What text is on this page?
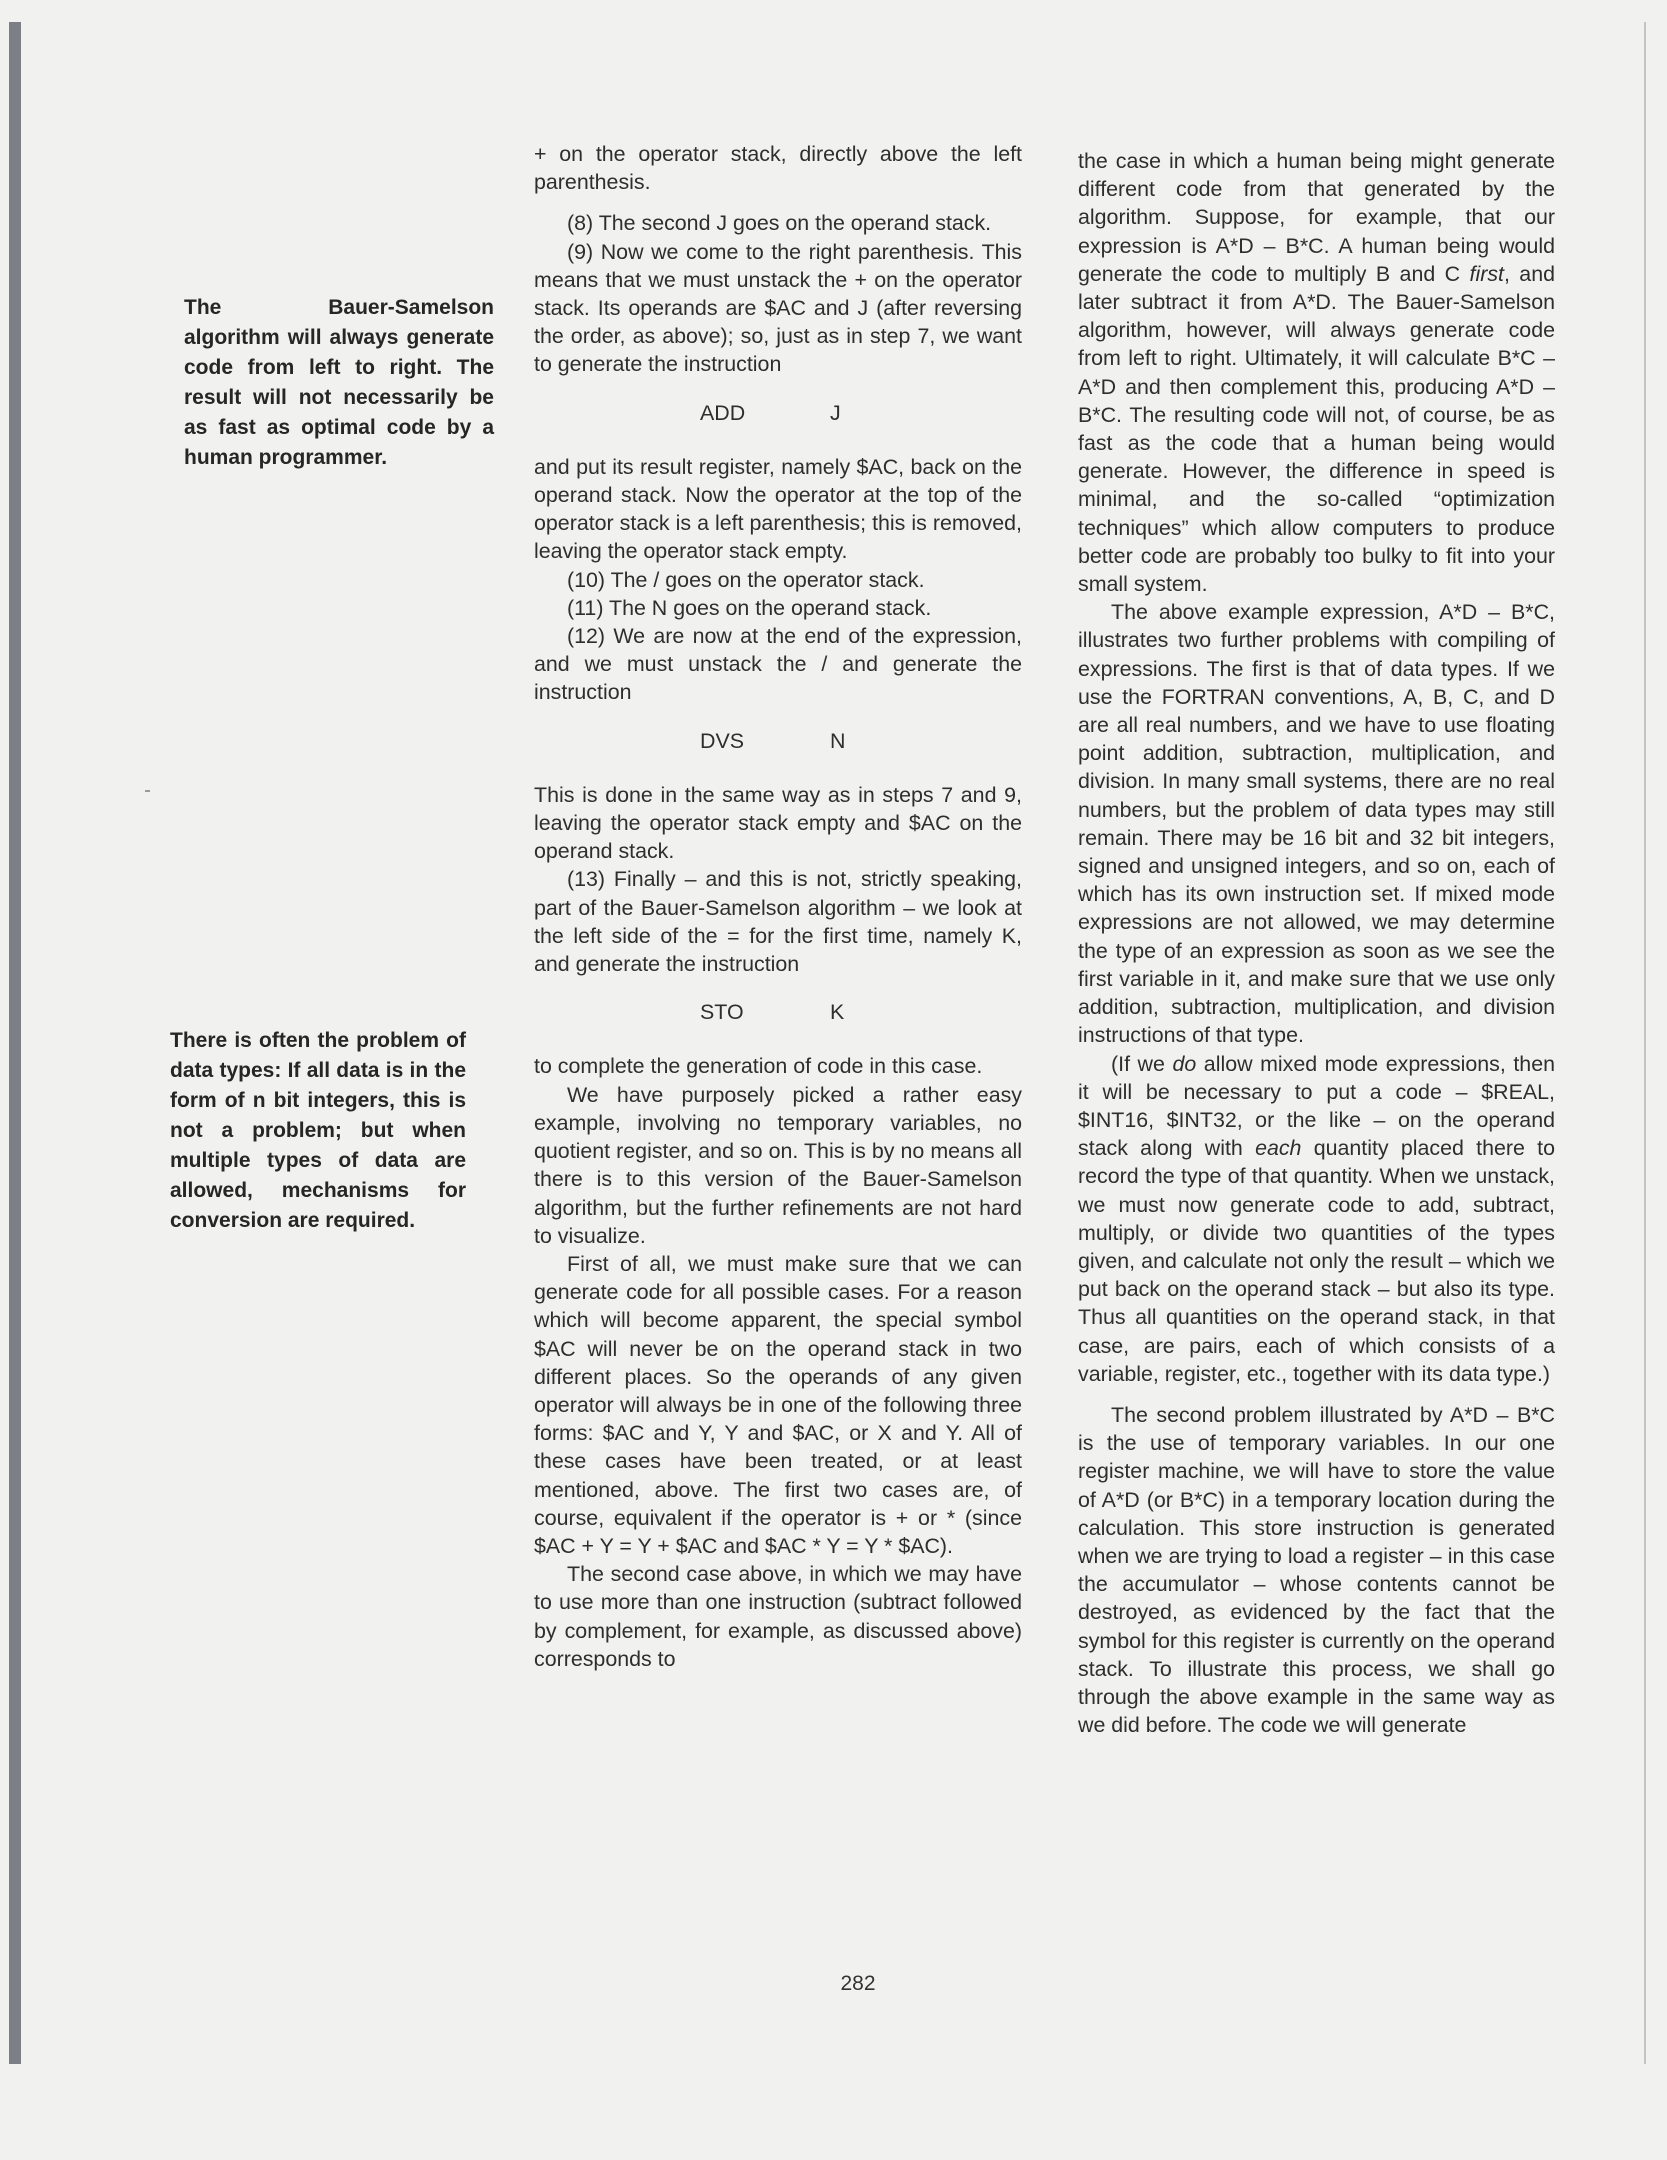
The Bauer-Samelson algorithm will always generate code from left to right. The result will not necessarily be as fast as optimal code by a human programmer.

There is often the problem of data types: If all data is in the form of n bit integers, this is not a problem; but when multiple types of data are allowed, mechanisms for conversion are required.

+ on the operator stack, directly above the left parenthesis.

(8) The second J goes on the operand stack.

(9) Now we come to the right parenthesis. This means that we must unstack the + on the operator stack. Its operands are $AC and J (after reversing the order, as above); so, just as in step 7, we want to generate the instruction

ADD	J

and put its result register, namely $AC, back on the operand stack. Now the operator at the top of the operator stack is a left parenthesis; this is removed, leaving the operator stack empty.

(10) The / goes on the operator stack.

(11) The N goes on the operand stack.

(12) We are now at the end of the expression, and we must unstack the / and generate the instruction

DVS	N

This is done in the same way as in steps 7 and 9, leaving the operator stack empty and $AC on the operand stack.

(13) Finally – and this is not, strictly speaking, part of the Bauer-Samelson algorithm – we look at the left side of the = for the first time, namely K, and generate the instruction

STO	K

to complete the generation of code in this case.

We have purposely picked a rather easy example, involving no temporary variables, no quotient register, and so on. This is by no means all there is to this version of the Bauer-Samelson algorithm, but the further refinements are not hard to visualize.

First of all, we must make sure that we can generate code for all possible cases. For a reason which will become apparent, the special symbol $AC will never be on the operand stack in two different places. So the operands of any given operator will always be in one of the following three forms: $AC and Y, Y and $AC, or X and Y. All of these cases have been treated, or at least mentioned, above. The first two cases are, of course, equivalent if the operator is + or * (since $AC + Y = Y + $AC and $AC * Y = Y * $AC).

The second case above, in which we may have to use more than one instruction (subtract followed by complement, for example, as discussed above) corresponds to

the case in which a human being might generate different code from that generated by the algorithm. Suppose, for example, that our expression is A*D – B*C. A human being would generate the code to multiply B and C first, and later subtract it from A*D. The Bauer-Samelson algorithm, however, will always generate code from left to right. Ultimately, it will calculate B*C – A*D and then complement this, producing A*D – B*C. The resulting code will not, of course, be as fast as the code that a human being would generate. However, the difference in speed is minimal, and the so-called “optimization techniques” which allow computers to produce better code are probably too bulky to fit into your small system.

The above example expression, A*D – B*C, illustrates two further problems with compiling of expressions. The first is that of data types. If we use the FORTRAN conventions, A, B, C, and D are all real numbers, and we have to use floating point addition, subtraction, multiplication, and division. In many small systems, there are no real numbers, but the problem of data types may still remain. There may be 16 bit and 32 bit integers, signed and unsigned integers, and so on, each of which has its own instruction set. If mixed mode expressions are not allowed, we may determine the type of an expression as soon as we see the first variable in it, and make sure that we use only addition, subtraction, multiplication, and division instructions of that type.

(If we do allow mixed mode expressions, then it will be necessary to put a code – $REAL, $INT16, $INT32, or the like – on the operand stack along with each quantity placed there to record the type of that quantity. When we unstack, we must now generate code to add, subtract, multiply, or divide two quantities of the types given, and calculate not only the result – which we put back on the operand stack – but also its type. Thus all quantities on the operand stack, in that case, are pairs, each of which consists of a variable, register, etc., together with its data type.)

The second problem illustrated by A*D – B*C is the use of temporary variables. In our one register machine, we will have to store the value of A*D (or B*C) in a temporary location during the calculation. This store instruction is generated when we are trying to load a register – in this case the accumulator – whose contents cannot be destroyed, as evidenced by the fact that the symbol for this register is currently on the operand stack. To illustrate this process, we shall go through the above example in the same way as we did before. The code we will generate

282
